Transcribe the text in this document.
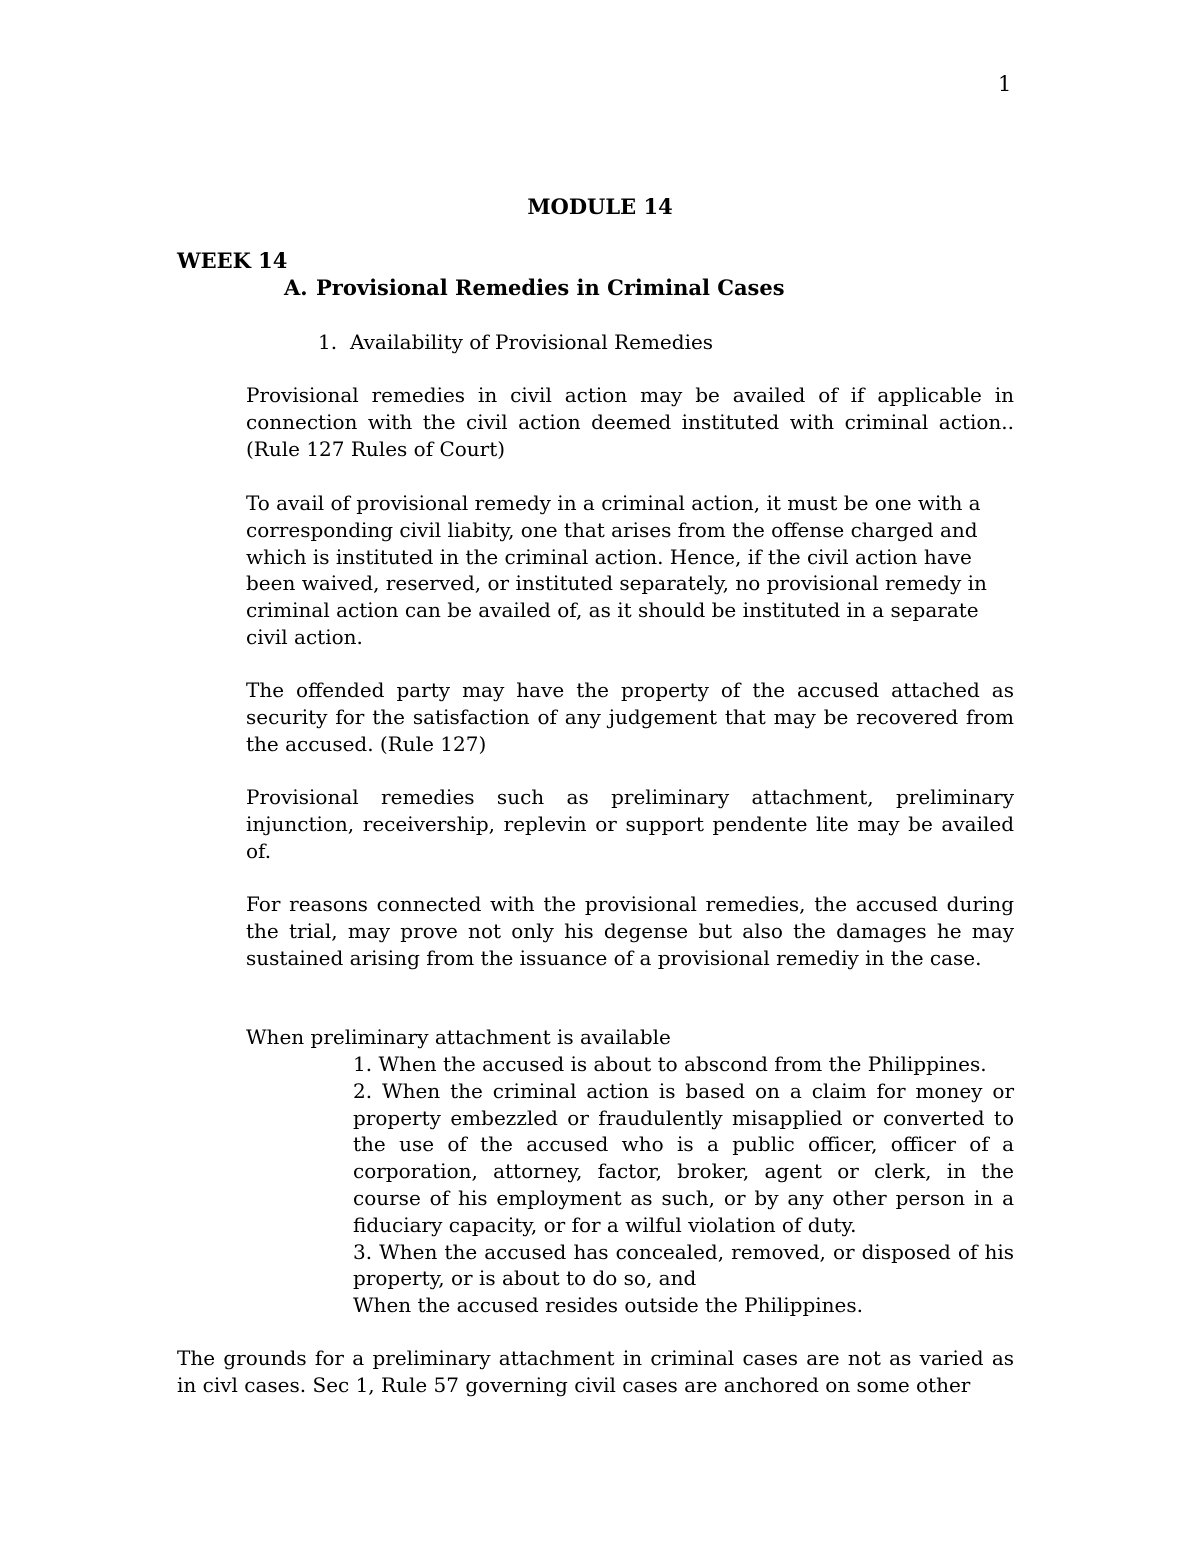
1
MODULE 14
WEEK 14
A. Provisional Remedies in Criminal Cases
1. Availability of Provisional Remedies

Provisional remedies in civil action may be availed of if applicable in connection with the civil action deemed instituted with criminal action.. (Rule 127 Rules of Court)

To avail of provisional remedy in a criminal action, it must be one with a corresponding civil liabity, one that arises from the offense charged and which is instituted in the criminal action. Hence, if the civil action have been waived, reserved, or instituted separately, no provisional remedy in criminal action can be availed of, as it should be instituted in a separate civil action.

The offended party may have the property of the accused attached as security for the satisfaction of any judgement that may be recovered from the accused. (Rule 127)

Provisional remedies such as preliminary attachment, preliminary injunction, receivership, replevin or support pendente lite may be availed of.

For reasons connected with the provisional remedies, the accused during the trial, may prove not only his degense but also the damages he may sustained arising from the issuance of a provisional remediy in the case.

When preliminary attachment is available
1. When the accused is about to abscond from the Philippines.
2. When the criminal action is based on a claim for money or property embezzled or fraudulently misapplied or converted to the use of the accused who is a public officer, officer of a corporation, attorney, factor, broker, agent or clerk, in the course of his employment as such, or by any other person in a fiduciary capacity, or for a wilful violation of duty.
3. When the accused has concealed, removed, or disposed of his property, or is about to do so, and
When the accused resides outside the Philippines.

The grounds for a preliminary attachment in criminal cases are not as varied as in civl cases. Sec 1, Rule 57 governing civil cases are anchored on some other
